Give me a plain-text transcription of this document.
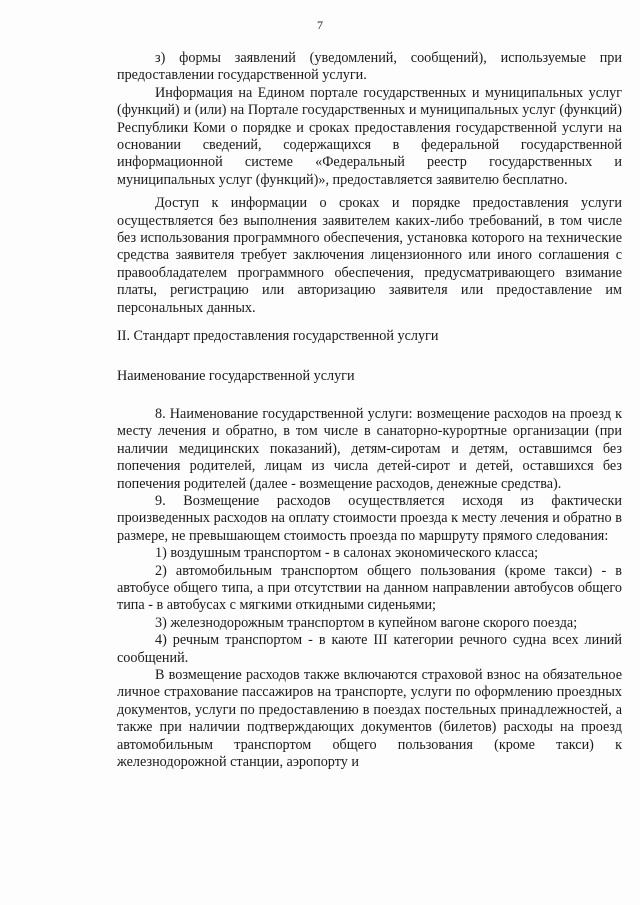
7

з) формы заявлений (уведомлений, сообщений), используемые при предоставлении государственной услуги.

Информация на Едином портале государственных и муниципальных услуг (функций) и (или) на Портале государственных и муниципальных услуг (функций) Республики Коми о порядке и сроках предоставления государственной услуги на основании сведений, содержащихся в федеральной государственной информационной системе «Федеральный реестр государственных и муниципальных услуг (функций)», предоставляется заявителю бесплатно.

Доступ к информации о сроках и порядке предоставления услуги осуществляется без выполнения заявителем каких-либо требований, в том числе без использования программного обеспечения, установка которого на технические средства заявителя требует заключения лицензионного или иного соглашения с правообладателем программного обеспечения, предусматривающего взимание платы, регистрацию или авторизацию заявителя или предоставление им персональных данных.

II. Стандарт предоставления государственной услуги

Наименование государственной услуги

8. Наименование государственной услуги: возмещение расходов на проезд к месту лечения и обратно, в том числе в санаторно-курортные организации (при наличии медицинских показаний), детям-сиротам и детям, оставшимся без попечения родителей, лицам из числа детей-сирот и детей, оставшихся без попечения родителей (далее - возмещение расходов, денежные средства).

9. Возмещение расходов осуществляется исходя из фактически произведенных расходов на оплату стоимости проезда к месту лечения и обратно в размере, не превышающем стоимость проезда по маршруту прямого следования:

1) воздушным транспортом - в салонах экономического класса;

2) автомобильным транспортом общего пользования (кроме такси) - в автобусе общего типа, а при отсутствии на данном направлении автобусов общего типа - в автобусах с мягкими откидными сиденьями;

3) железнодорожным транспортом в купейном вагоне скорого поезда;

4) речным транспортом - в каюте III категории речного судна всех линий сообщений.

В возмещение расходов также включаются страховой взнос на обязательное личное страхование пассажиров на транспорте, услуги по оформлению проездных документов, услуги по предоставлению в поездах постельных принадлежностей, а также при наличии подтверждающих документов (билетов) расходы на проезд автомобильным транспортом общего пользования (кроме такси) к железнодорожной станции, аэропорту и
